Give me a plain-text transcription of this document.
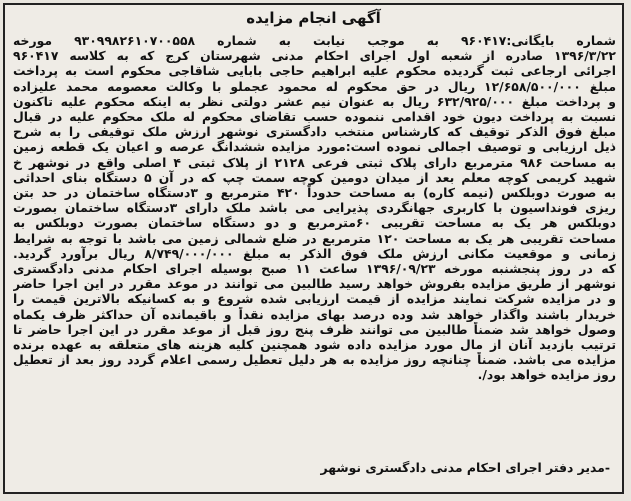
آگهی انجام مزایده
شماره بایگانی:۹۶۰۴۱۷ به موجب نیابت به شماره ۹۳۰۹۹۸۲۶۱۰۷۰۰۵۵۸ مورخه
۱۳۹۶/۳/۲۲ صادره از شعبه اول اجرای احکام مدنی شهرستان کرج که به کلاسه ۹۶۰۴۱۷
اجرائی ارجاعی ثبت گردیده محکوم علیه ابراهیم حاجی بابایی شاقاجی محکوم است به پرداخت
مبلغ ۱۲/۶۵۸/۵۰۰/۰۰۰ ریال در حق محکوم له محمود عجملو با وکالت معصومه محمد علیزاده
و پرداخت مبلغ ۶۳۲/۹۲۵/۰۰۰ ریال به عنوان نیم عشر دولتی نظر به اینکه محکوم علیه تاکنون
نسبت به پرداخت دیون خود اقدامی ننموده حسب تقاضای محکوم له ملک محکوم علیه در قبال
مبلغ فوق الذکر توقیف که کارشناس منتخب دادگستری نوشهر ارزش ملک توقیفی را به شرح
ذیل ارزیابی و توصیف اجمالی نموده است:مورد مزایده ششدانگ عرصه و اعیان یک قطعه زمین
به مساحت ۹۸۶ مترمربع دارای پلاک ثبتی فرعی ۲۱۲۸ از پلاک ثبتی ۴ اصلی واقع در نوشهر خ
شهید کریمی کوچه معلم بعد از میدان دومین کوچه سمت چپ که در آن ۵ دستگاه بنای احداثی
به صورت دوبلکس (نیمه کاره) به مساحت حدوداً ۴۲۰ مترمربع و ۳دستگاه ساختمان در حد بتن
ریزی فونداسیون با کاربری جهانگردی پذیرایی می باشد ملک دارای ۳دستگاه ساختمان بصورت
دوبلکس هر یک به مساحت تقریبی ۶۰مترمربع و دو دستگاه ساختمان بصورت دوبلکس به
مساحت تقریبی هر یک به مساحت ۱۲۰ مترمربع در ضلع شمالی زمین می باشد با توجه به شرایط
زمانی و موقعیت مکانی ارزش ملک فوق الذکر به مبلغ ۸/۷۴۹/۰۰۰/۰۰۰ ریال برآورد گردید.
که در روز پنجشنبه مورخه ۱۳۹۶/۰۹/۲۳ ساعت ۱۱ صبح بوسیله اجرای احکام مدنی دادگستری
نوشهر از طریق مزایده بفروش خواهد رسید طالبین می توانند در موعد مقرر در این اجرا حاضر
و در مزایده شرکت نمایند مزایده از قیمت ارزیابی شده شروع و به کسانیکه بالاترین قیمت را
خریدار باشند واگذار خواهد شد وده درصد بهای مزایده نقداً و باقیمانده آن حداکثر ظرف یکماه
وصول خواهد شد ضمناً طالبین می توانند ظرف پنج روز قبل از موعد مقرر در این اجرا حاضر تا
ترتیب بازدید آنان از مال مورد مزایده داده شود همچنین کلیه هزینه های متعلقه به عهده برنده
مزایده می باشد. ضمناً چنانچه روز مزایده به هر دلیل تعطیل رسمی اعلام گردد روز بعد از تعطیل
روز مزایده خواهد بود/.
-مدیر دفتر اجرای احکام مدنی دادگستری نوشهر
